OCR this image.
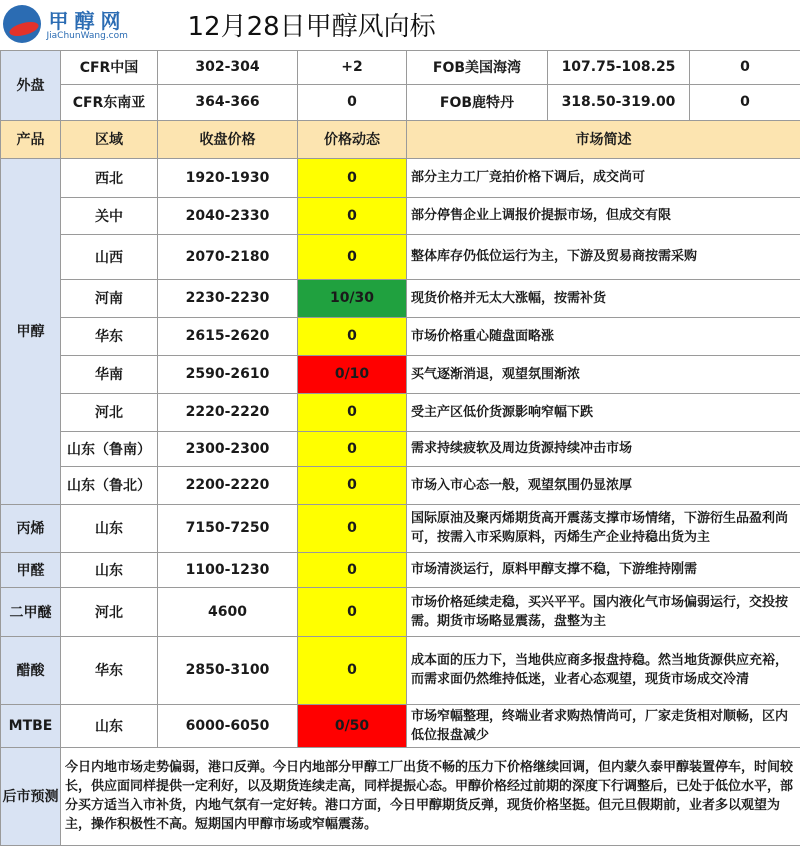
甲醇网
JiaChunWang.com		12月28日甲醇风向标				
外盘	CFR中国	302-304	+2	FOB美国海湾	107.75-108.25	0
	CFR东南亚	364-366	0	FOB鹿特丹	318.50-319.00	0
产品	区域	收盘价格	价格动态	市场简述		
甲醇	西北	1920-1930	0	部分主力工厂竞拍价格下调后，成交尚可		
	关中	2040-2330	0	部分停售企业上调报价提振市场，但成交有限		
	山西	2070-2180	0	整体库存仍低位运行为主，下游及贸易商按需采购		
	河南	2230-2230	10/30	现货价格并无太大涨幅，按需补货		
	华东	2615-2620	0	市场价格重心随盘面略涨		
	华南	2590-2610	0/10	买气逐渐消退，观望氛围渐浓		
	河北	2220-2220	0	受主产区低价货源影响窄幅下跌		
	山东（鲁南）	2300-2300	0	需求持续疲软及周边货源持续冲击市场		
	山东（鲁北）	2200-2220	0	市场入市心态一般，观望氛围仍显浓厚		
丙烯	山东	7150-7250	0	国际原油及聚丙烯期货高开震荡支撑市场情绪，下游衍生品盈利尚可，按需入市采购原料，丙烯生产企业持稳出货为主		
甲醛	山东	1100-1230	0	市场清淡运行，原料甲醇支撑不稳，下游维持刚需		
二甲醚	河北	4600	0	市场价格延续走稳，买兴平平。国内液化气市场偏弱运行，交投按需。期货市场略显震荡，盘整为主		
醋酸	华东	2850-3100	0	成本面的压力下，当地供应商多报盘持稳。然当地货源供应充裕，而需求面仍然维持低迷，业者心态观望，现货市场成交冷清		
MTBE	山东	6000-6050	0/50	市场窄幅整理，终端业者求购热情尚可，厂家走货相对顺畅，区内低位报盘减少		
后市预测	今日内地市场走势偏弱，港口反弹。今日内地部分甲醇工厂出货不畅的压力下价格继续回调，但内蒙久泰甲醇装置停车，时间较长，供应面同样提供一定利好，以及期货连续走高，同样提振心态。甲醇价格经过前期的深度下行调整后，已处于低位水平，部分买方适当入市补货，内地气氛有一定好转。港口方面，今日甲醇期货反弹，现货价格坚挺。但元旦假期前，业者多以观望为主，操作积极性不高。短期国内甲醇市场或窄幅震荡。					
